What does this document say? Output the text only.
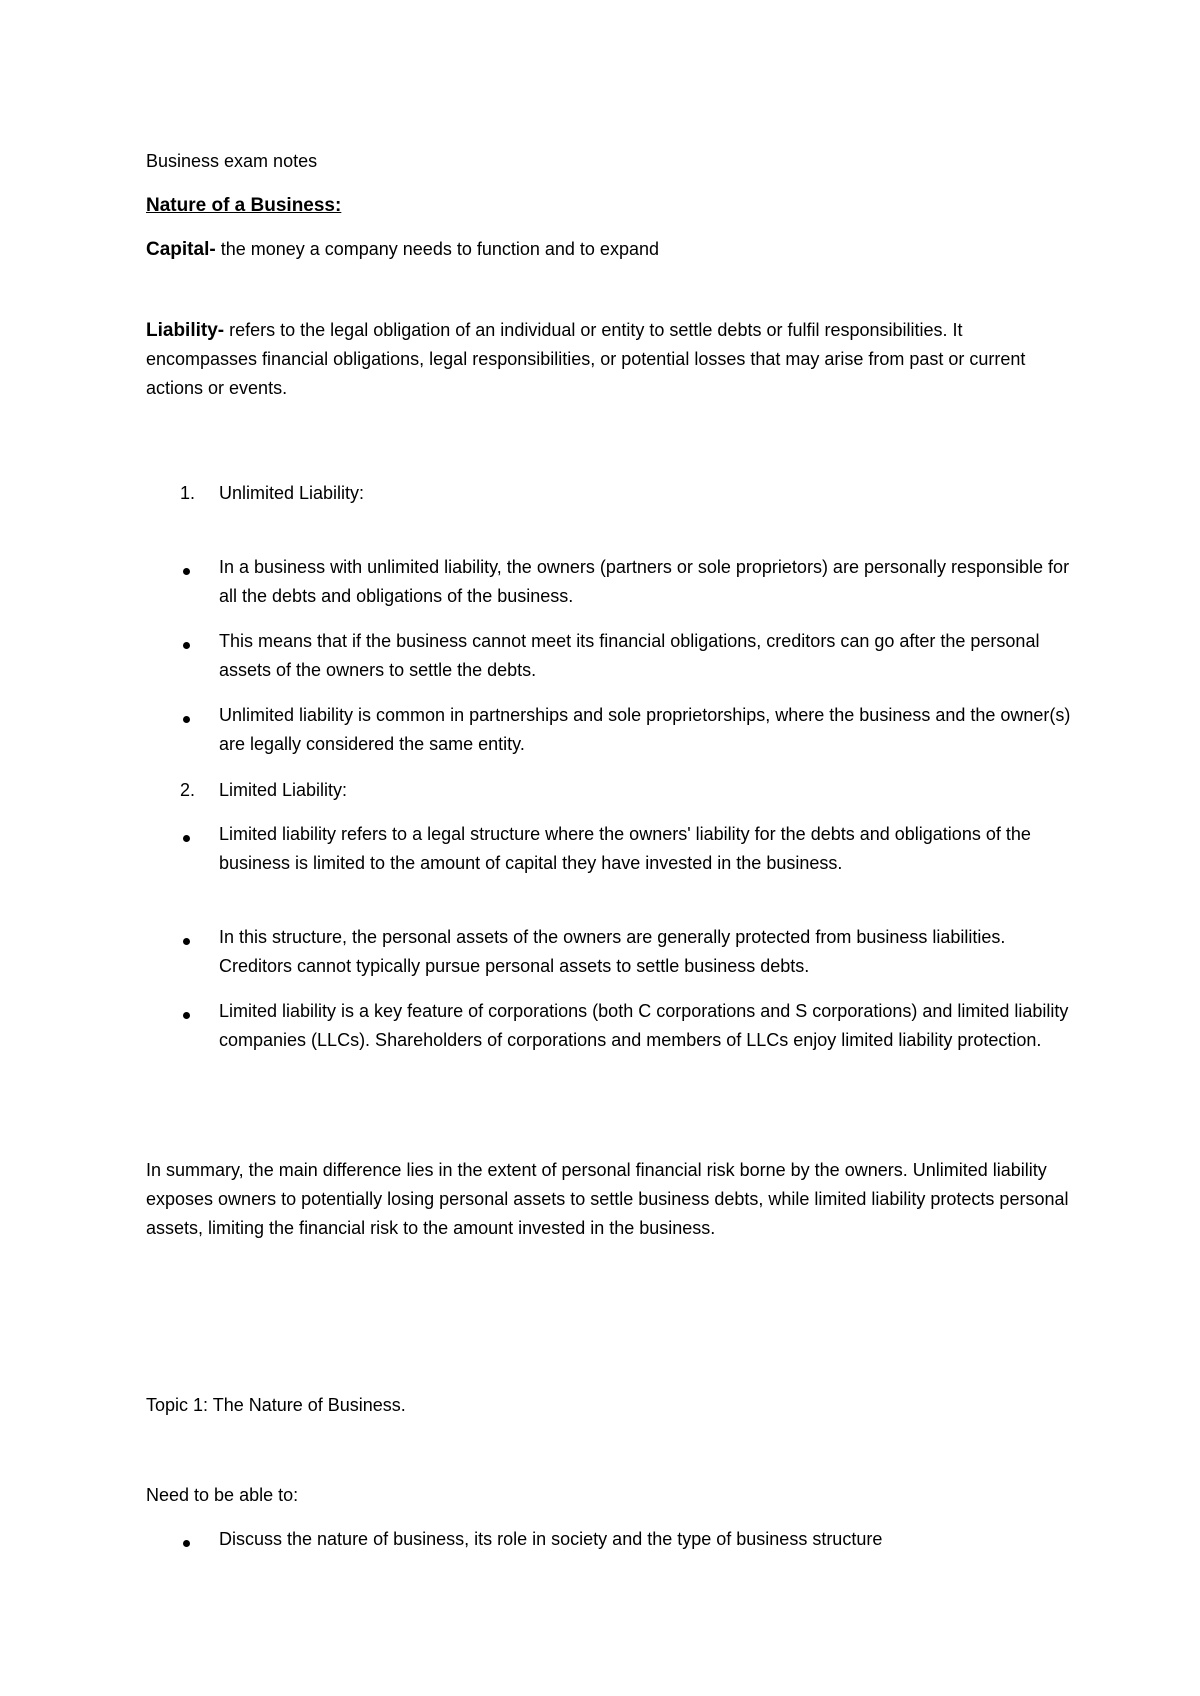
Business exam notes
Nature of a Business:
Capital- the money a company needs to function and to expand
Liability- refers to the legal obligation of an individual or entity to settle debts or fulfil responsibilities. It encompasses financial obligations, legal responsibilities, or potential losses that may arise from past or current actions or events.
1. Unlimited Liability:
In a business with unlimited liability, the owners (partners or sole proprietors) are personally responsible for all the debts and obligations of the business.
This means that if the business cannot meet its financial obligations, creditors can go after the personal assets of the owners to settle the debts.
Unlimited liability is common in partnerships and sole proprietorships, where the business and the owner(s) are legally considered the same entity.
2. Limited Liability:
Limited liability refers to a legal structure where the owners' liability for the debts and obligations of the business is limited to the amount of capital they have invested in the business.
In this structure, the personal assets of the owners are generally protected from business liabilities. Creditors cannot typically pursue personal assets to settle business debts.
Limited liability is a key feature of corporations (both C corporations and S corporations) and limited liability companies (LLCs). Shareholders of corporations and members of LLCs enjoy limited liability protection.
In summary, the main difference lies in the extent of personal financial risk borne by the owners. Unlimited liability exposes owners to potentially losing personal assets to settle business debts, while limited liability protects personal assets, limiting the financial risk to the amount invested in the business.
Topic 1: The Nature of Business.
Need to be able to:
Discuss the nature of business, its role in society and the type of business structure
